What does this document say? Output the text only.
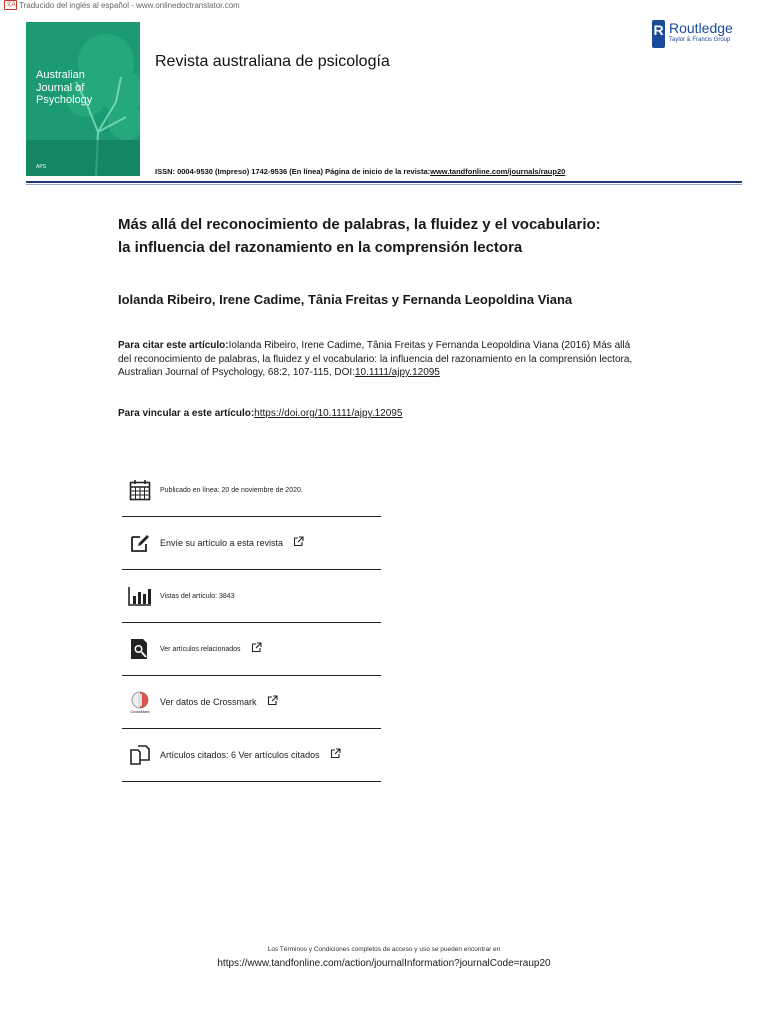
文A Traducido del inglés al español - www.onlinedoctranslator.com
Australian
Journal of
Psychology
APS
Revista australiana de psicología
ISSN: 0004-9530 (Impreso) 1742-9536 (En línea) Página de inicio de la revista:www.tandfonline.com/journals/raup20
R Routledge
Taylor & Francis Group
Más allá del reconocimiento de palabras, la fluidez y el vocabulario:
la influencia del razonamiento en la comprensión lectora
Iolanda Ribeiro, Irene Cadime, Tânia Freitas y Fernanda Leopoldina Viana
Para citar este artículo:Iolanda Ribeiro, Irene Cadime, Tânia Freitas y Fernanda Leopoldina Viana (2016) Más allá del reconocimiento de palabras, la fluidez y el vocabulario: la influencia del razonamiento en la comprensión lectora, Australian Journal of Psychology, 68:2, 107-115, DOI:10.1111/ajpy.12095
Para vincular a este artículo:https://doi.org/10.1111/ajpy.12095
Publicado en línea: 20 de noviembre de 2020.
Envíe su artículo a esta revista
Vistas del artículo: 3843
Ver artículos relacionados
CrossMark
Ver datos de Crossmark
Artículos citados: 6 Ver artículos citados
Los Términos y Condiciones completos de acceso y uso se pueden encontrar en
https://www.tandfonline.com/action/journalInformation?journalCode=raup20
